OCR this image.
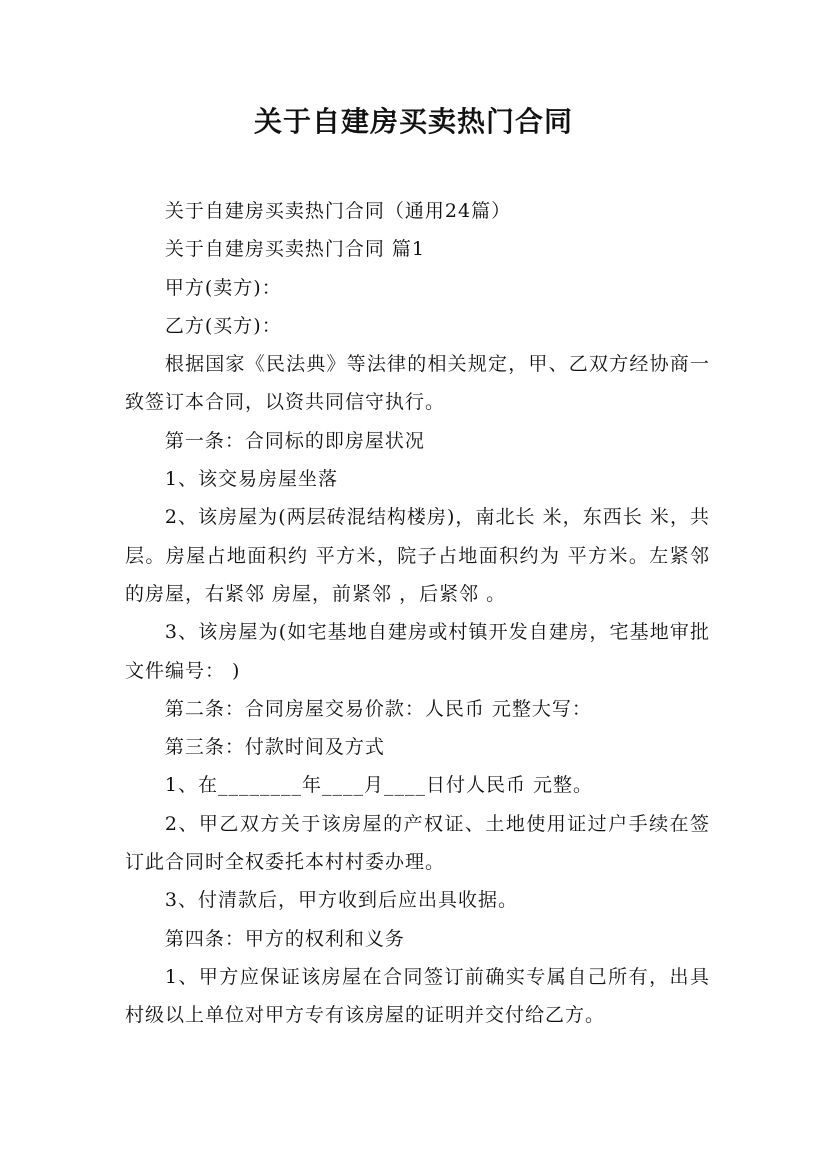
关于自建房买卖热门合同

关于自建房买卖热门合同（通用24篇）

关于自建房买卖热门合同 篇1

甲方(卖方)：

乙方(买方)：

根据国家《民法典》等法律的相关规定，甲、乙双方经协商一致签订本合同，以资共同信守执行。

第一条：合同标的即房屋状况

1、该交易房屋坐落

2、该房屋为(两层砖混结构楼房)，南北长 米，东西长 米，共 层。房屋占地面积约 平方米，院子占地面积约为 平方米。左紧邻 的房屋，右紧邻 房屋，前紧邻 ，后紧邻 。

3、该房屋为(如宅基地自建房或村镇开发自建房，宅基地审批文件编号： )

第二条：合同房屋交易价款：人民币 元整大写：

第三条：付款时间及方式

1、在________年____月____日付人民币 元整。

2、甲乙双方关于该房屋的产权证、土地使用证过户手续在签订此合同时全权委托本村村委办理。

3、付清款后，甲方收到后应出具收据。

第四条：甲方的权利和义务

1、甲方应保证该房屋在合同签订前确实专属自己所有，出具村级以上单位对甲方专有该房屋的证明并交付给乙方。
